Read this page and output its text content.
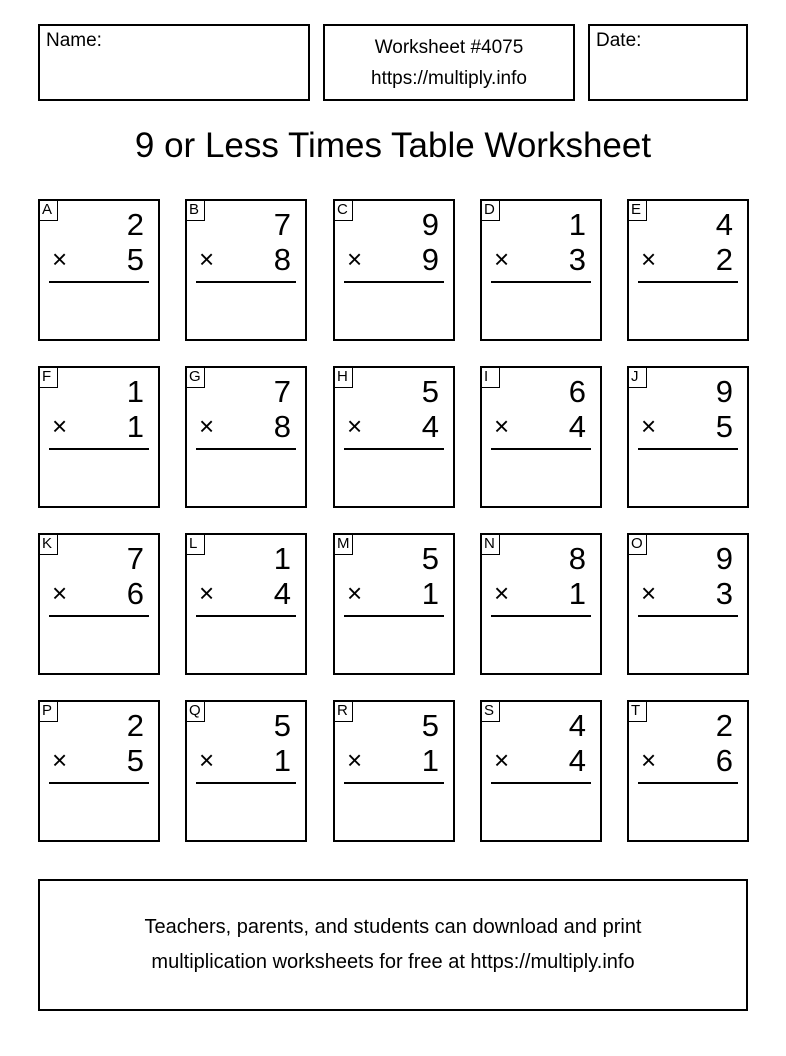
Name:	Worksheet #4075
https://multiply.info
Date:
9 or Less Times Table Worksheet
A 2
× 5
B 7
× 8
C 9
× 9
D 1
× 3
E 4
× 2
F 1
× 1
G 7
× 8
H 5
× 4
I	6
× 4
J 9
× 5
K 7
× 6
L 1
× 4
M 5
× 1
N 8
× 1
O 9
× 3
P 2
× 5
Q 5
× 1
R 5
× 1
S 4
× 4
T 2
× 6
Teachers, parents, and students can download and print
multiplication worksheets for free at https://multiply.info
